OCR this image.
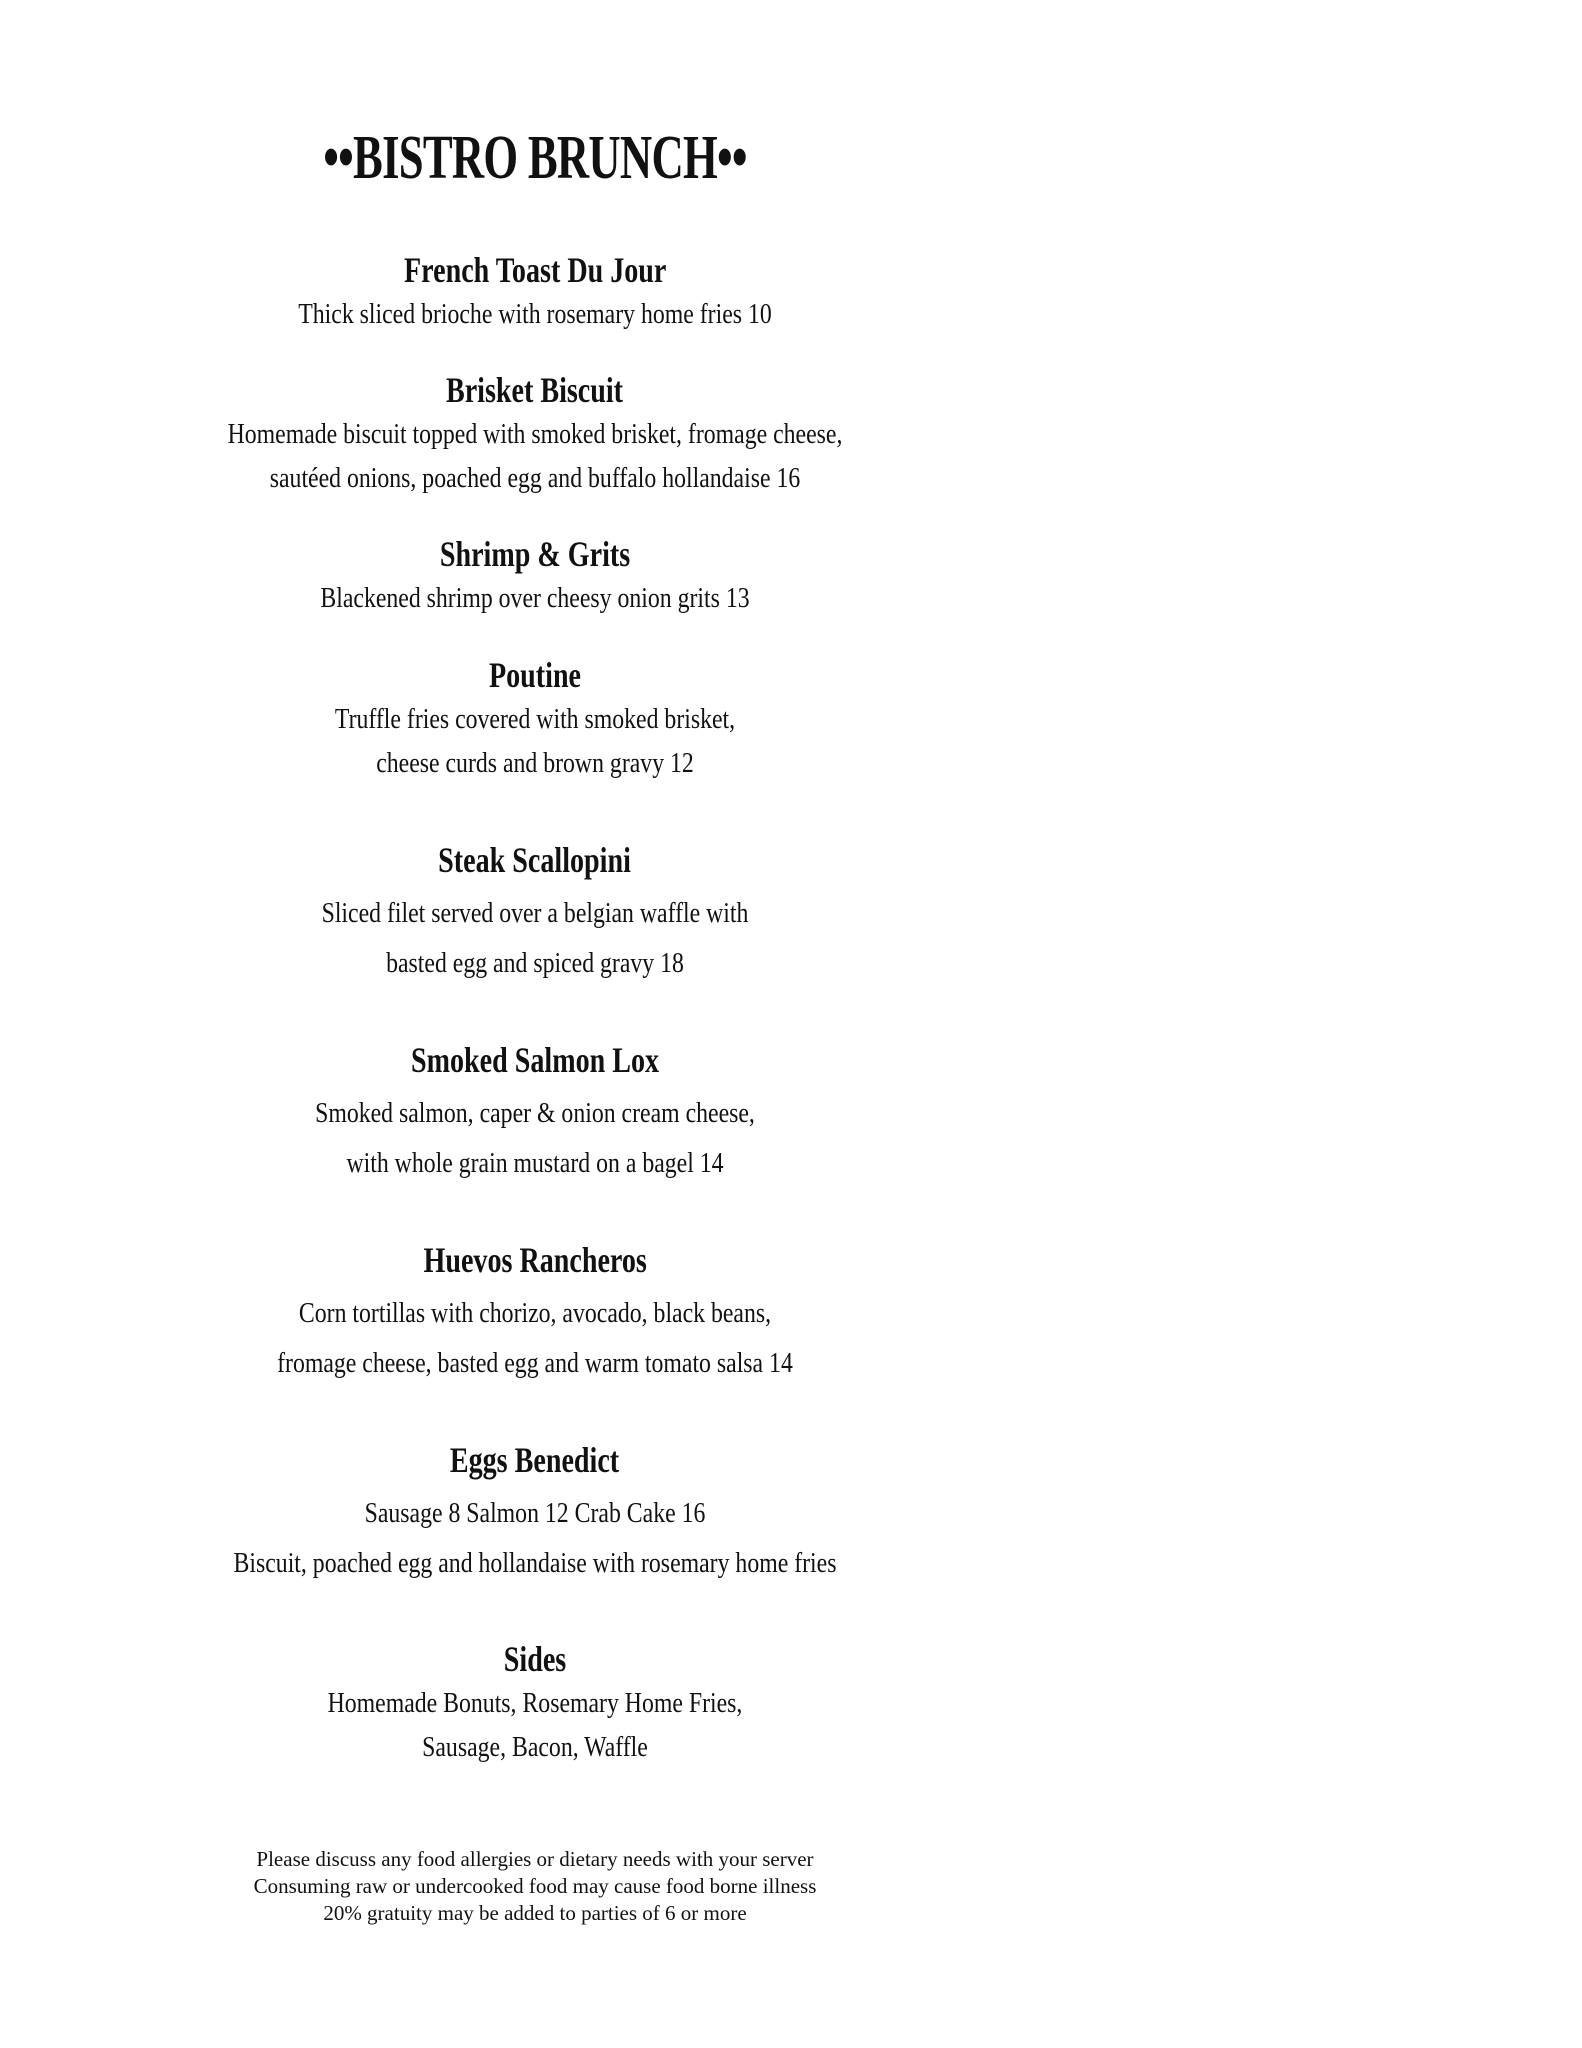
••BISTRO BRUNCH••
French Toast Du Jour
Thick sliced brioche with rosemary home fries 10
Brisket Biscuit
Homemade biscuit topped with smoked brisket, fromage cheese,
sautéed onions, poached egg and buffalo hollandaise 16
Shrimp & Grits
Blackened shrimp over cheesy onion grits 13
Poutine
Truffle fries covered with smoked brisket,
cheese curds and brown gravy 12
Steak Scallopini
Sliced filet served over a belgian waffle with
basted egg and spiced gravy 18
Smoked Salmon Lox
Smoked salmon, caper & onion cream cheese,
with whole grain mustard on a bagel 14
Huevos Rancheros
Corn tortillas with chorizo, avocado, black beans,
fromage cheese, basted egg and warm tomato salsa 14
Eggs Benedict
Sausage 8 Salmon 12 Crab Cake 16
Biscuit, poached egg and hollandaise with rosemary home fries
Sides
Homemade Bonuts, Rosemary Home Fries,
Sausage, Bacon, Waffle
Please discuss any food allergies or dietary needs with your server
Consuming raw or undercooked food may cause food borne illness
20% gratuity may be added to parties of 6 or more
